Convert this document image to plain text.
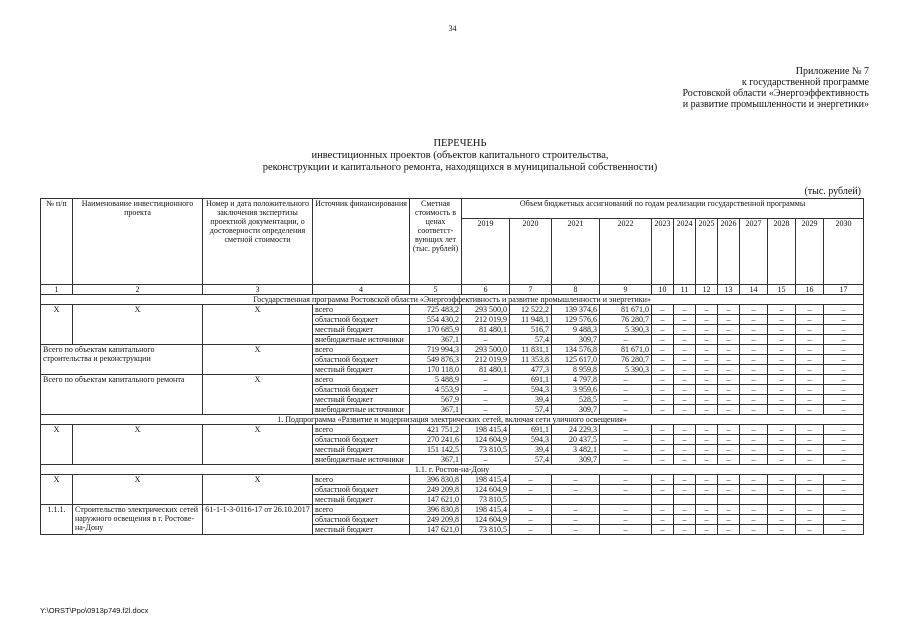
34
Приложение № 7
к государственной программе
Ростовской области «Энергоэффективность
и развитие промышленности и энергетики»
ПЕРЕЧЕНЬ
инвестиционных проектов (объектов капитального строительства,
реконструкции и капитального ремонта, находящихся в муниципальной собственности)
(тыс. рублей)
№ п/п	Наименование инвестиционного проекта	Номер и дата положительного заключения экспертизы проектной документации, о достоверности определения сметной стоимости	Источник финансирования	Сметная стоимость в ценах соответст-вующих лет (тыс. рублей)	Объем бюджетных ассигнований по годам реализации государственной программы											
					2019	2020	2021	2022	2023	2024	2025	2026	2027	2028	2029	2030
1	2	3	4	5	6	7	8	9	10	11	12	13	14	15	16	17
Государственная программа Ростовской области «Энергоэффективность и развитие промышленности и энергетики»																
Х	Х	Х	всего	725 483,2	293 500,0	12 522,2	139 374,6	81 671,0	–	–	–	–	–	–	–	–
			областной бюджет	554 430,2	212 019,9	11 948,1	129 576,6	76 280,7	–	–	–	–	–	–	–	–
			местный бюджет	170 685,9	81 480,1	516,7	9 488,3	5 390,3	–	–	–	–	–	–	–	–
			внебюджетные источники	367,1	–	57,4	309,7	–	–	–	–	–	–	–	–	–
Всего по объектам капитального строительства и реконструкции		Х	всего	719 994,3	293 500,0	11 831,1	134 576,8	81 671,0	–	–	–	–	–	–	–	–
			областной бюджет	549 876,3	212 019,9	11 353,8	125 617,0	76 280,7	–	–	–	–	–	–	–	–
			местный бюджет	170 118,0	81 480,1	477,3	8 959,8	5 390,3	–	–	–	–	–	–	–	–
Всего по объектам капитального ремонта		Х	всего	5 488,9	–	691,1	4 797,8	–	–	–	–	–	–	–	–	–
			областной бюджет	4 553,9	–	594,3	3 959,6	–	–	–	–	–	–	–	–	–
			местный бюджет	567,9	–	39,4	528,5	–	–	–	–	–	–	–	–	–
			внебюджетные источники	367,1	–	57,4	309,7	–	–	–	–	–	–	–	–	–
1. Подпрограмма «Развитие и модернизация электрических сетей, включая сети уличного освещения»																
Х	Х	Х	всего	421 751,2	198 415,4	691,1	24 229,3	–	–	–	–	–	–	–	–	–
			областной бюджет	270 241,6	124 604,9	594,3	20 437,5	–	–	–	–	–	–	–	–	–
			местный бюджет	151 142,5	73 810,5	39,4	3 482,1	–	–	–	–	–	–	–	–	–
			внебюджетные источники	367,1	–	57,4	309,7	–	–	–	–	–	–	–	–	–
1.1. г. Ростов-на-Дону																
Х	Х	Х	всего	396 830,8	198 415,4	–	–	–	–	–	–	–	–	–	–	–
			областной бюджет	249 209,8	124 604,9	–	–	–	–	–	–	–	–	–	–	–
			местный бюджет	147 621,0	73 810,5											
1.1.1.	Строительство электрических сетей наружного освещения в г. Ростове-на-Дону	61-1-1-3-0116-17 от 26.10.2017	всего	396 830,8	198 415,4	–	–	–	–	–	–	–	–	–	–	–
			областной бюджет	249 209,8	124 604,9	–	–	–	–	–	–	–	–	–	–	–
			местный бюджет	147 621,0	73 810,5	–	–	–	–	–	–	–	–	–	–	–
Y:\ORST\Ppo\0913p749.f2l.docx
